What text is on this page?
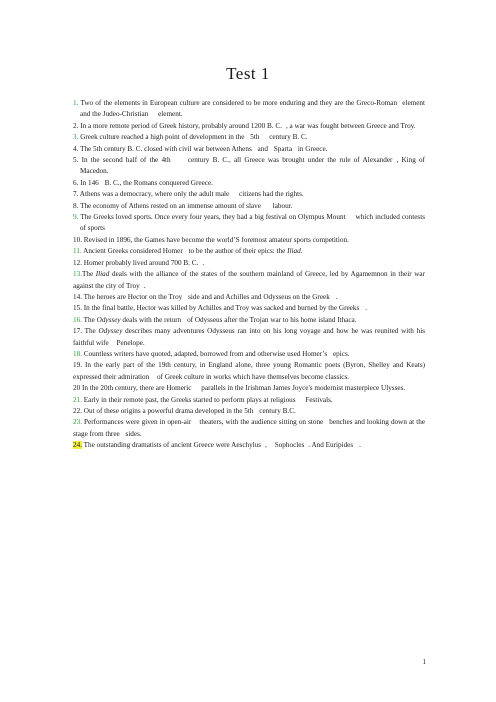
Test 1

1. Two of the elements in European culture are considered to be more enduring and they are the Greco-Roman element and the Judeo-Christian element.

2. In a more remote period of Greek history, probably around 1200 B. C. , a war was fought between Greece and Troy.

3. Greek culture reached a high point of development in the 5th century B. C.

4. The 5th century B. C. closed with civil war between Athens and Sparta in Greece.

5. In the second half of the 4th century B. C., all Greece was brought under the rule of Alexander , King of Macedon.

6. In 146 B. C., the Romans conquered Greece.

7. Athens was a democracy, where only the adult male citizens had the rights.

8. The economy of Athens rested on an immense amount of slave labour.

9. The Greeks loved sports. Once every four years, they had a big festival on Olympus Mount which included contests of sports

10. Revised in 1896, the Games have become the world’S foremost amateur sports competition.

11. Ancient Greeks considered Homer to be the author of their epics: the Iliad.

12. Homer probably lived around 700 B. C. .

13.The Iliad deals with the alliance of the states of the southern mainland of Greece, led by Agamemnon in their war against the city of Troy .

14. The heroes are Hector on the Troy side and and Achilles and Odysseus on the Greek .

15. In the final battle, Hector was killed by Achilles and Troy was sacked and burned by the Greeks .

16. The Odyssey deals with the return of Odysseus after the Trojan war to his home island Ithaca.

17. The Odyssey describes many adventures Odysseus ran into on his long voyage and how he was reunited with his faithful wife Penelope.

18. Countless writers have quoted, adapted, borrowed from and otherwise used Homer’s epics.

19. In the early part of the 19th century, in England alone, three young Romantic poets (Byron, Shelley and Keats) expressed their admiration of Greek culture in works which have themselves become classics.

20 In the 20th century, there are Homeric parallels in the Irishman James Joyce's modernist masterpiece Ulysses.

21. Early in their remote past, the Greeks started to perform plays at religious Festivals.

22. Out of these origins a powerful drama developed in the 5th century B.C.

23. Performances were given in open-air theaters, with the audience sitting on stone benches and looking down at the stage from three sides.

24. The outstanding dramatists of ancient Greece were Aeschylus , Sophocles . And Euripides .

1
